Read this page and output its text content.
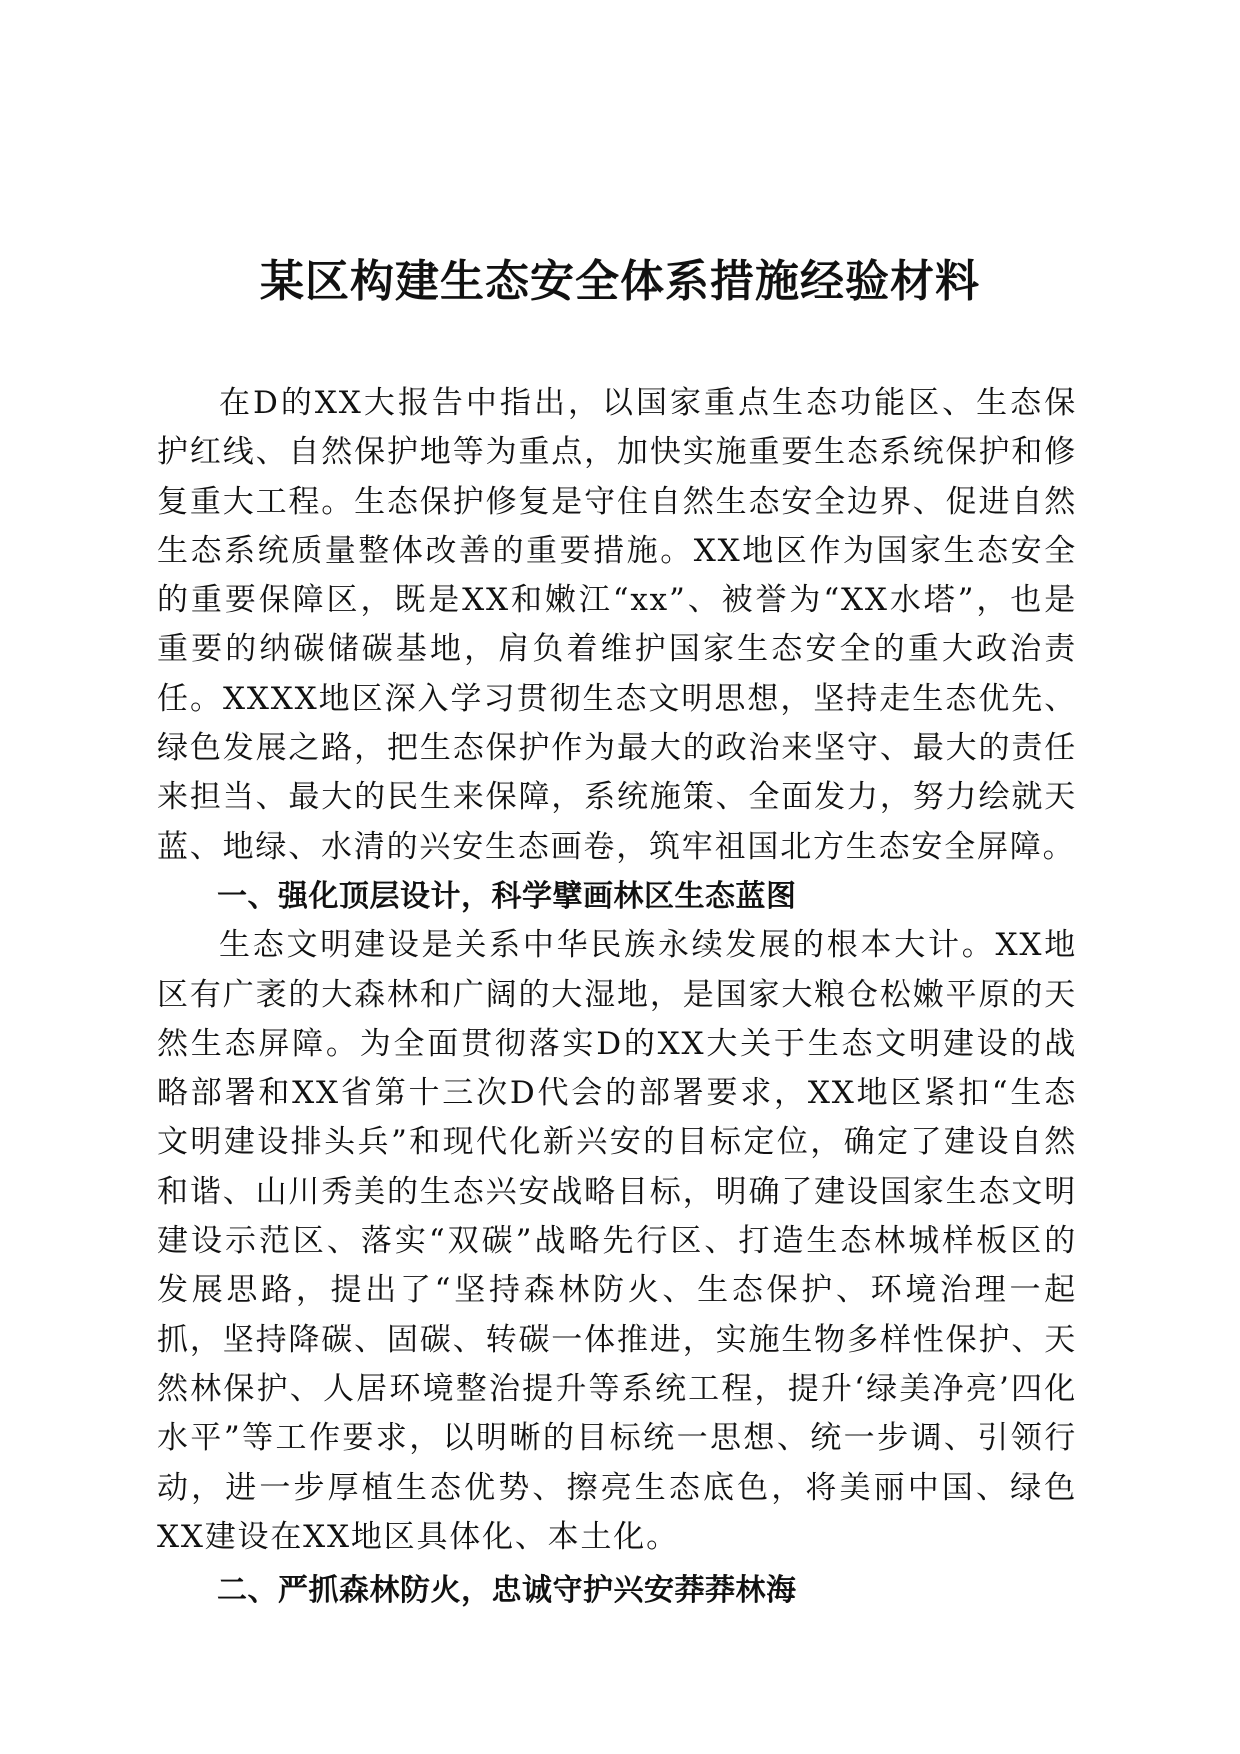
某区构建生态安全体系措施经验材料

在D的XX大报告中指出，以国家重点生态功能区、生态保护红线、自然保护地等为重点，加快实施重要生态系统保护和修复重大工程。生态保护修复是守住自然生态安全边界、促进自然生态系统质量整体改善的重要措施。XX地区作为国家生态安全的重要保障区，既是XX和嫩江“xx”、被誉为“XX水塔”，也是重要的纳碳储碳基地，肩负着维护国家生态安全的重大政治责任。XXXX地区深入学习贯彻生态文明思想，坚持走生态优先、绿色发展之路，把生态保护作为最大的政治来坚守、最大的责任来担当、最大的民生来保障，系统施策、全面发力，努力绘就天蓝、地绿、水清的兴安生态画卷，筑牢祖国北方生态安全屏障。

一、强化顶层设计，科学擘画林区生态蓝图

生态文明建设是关系中华民族永续发展的根本大计。XX地区有广袤的大森林和广阔的大湿地，是国家大粮仓松嫩平原的天然生态屏障。为全面贯彻落实D的XX大关于生态文明建设的战略部署和XX省第十三次D代会的部署要求，XX地区紧扣“生态文明建设排头兵”和现代化新兴安的目标定位，确定了建设自然和谐、山川秀美的生态兴安战略目标，明确了建设国家生态文明建设示范区、落实“双碳”战略先行区、打造生态林城样板区的发展思路，提出了“坚持森林防火、生态保护、环境治理一起抓，坚持降碳、固碳、转碳一体推进，实施生物多样性保护、天然林保护、人居环境整治提升等系统工程，提升‘绿美净亮’四化水平”等工作要求，以明晰的目标统一思想、统一步调、引领行动，进一步厚植生态优势、擦亮生态底色，将美丽中国、绿色XX建设在XX地区具体化、本土化。

二、严抓森林防火，忠诚守护兴安莽莽林海
